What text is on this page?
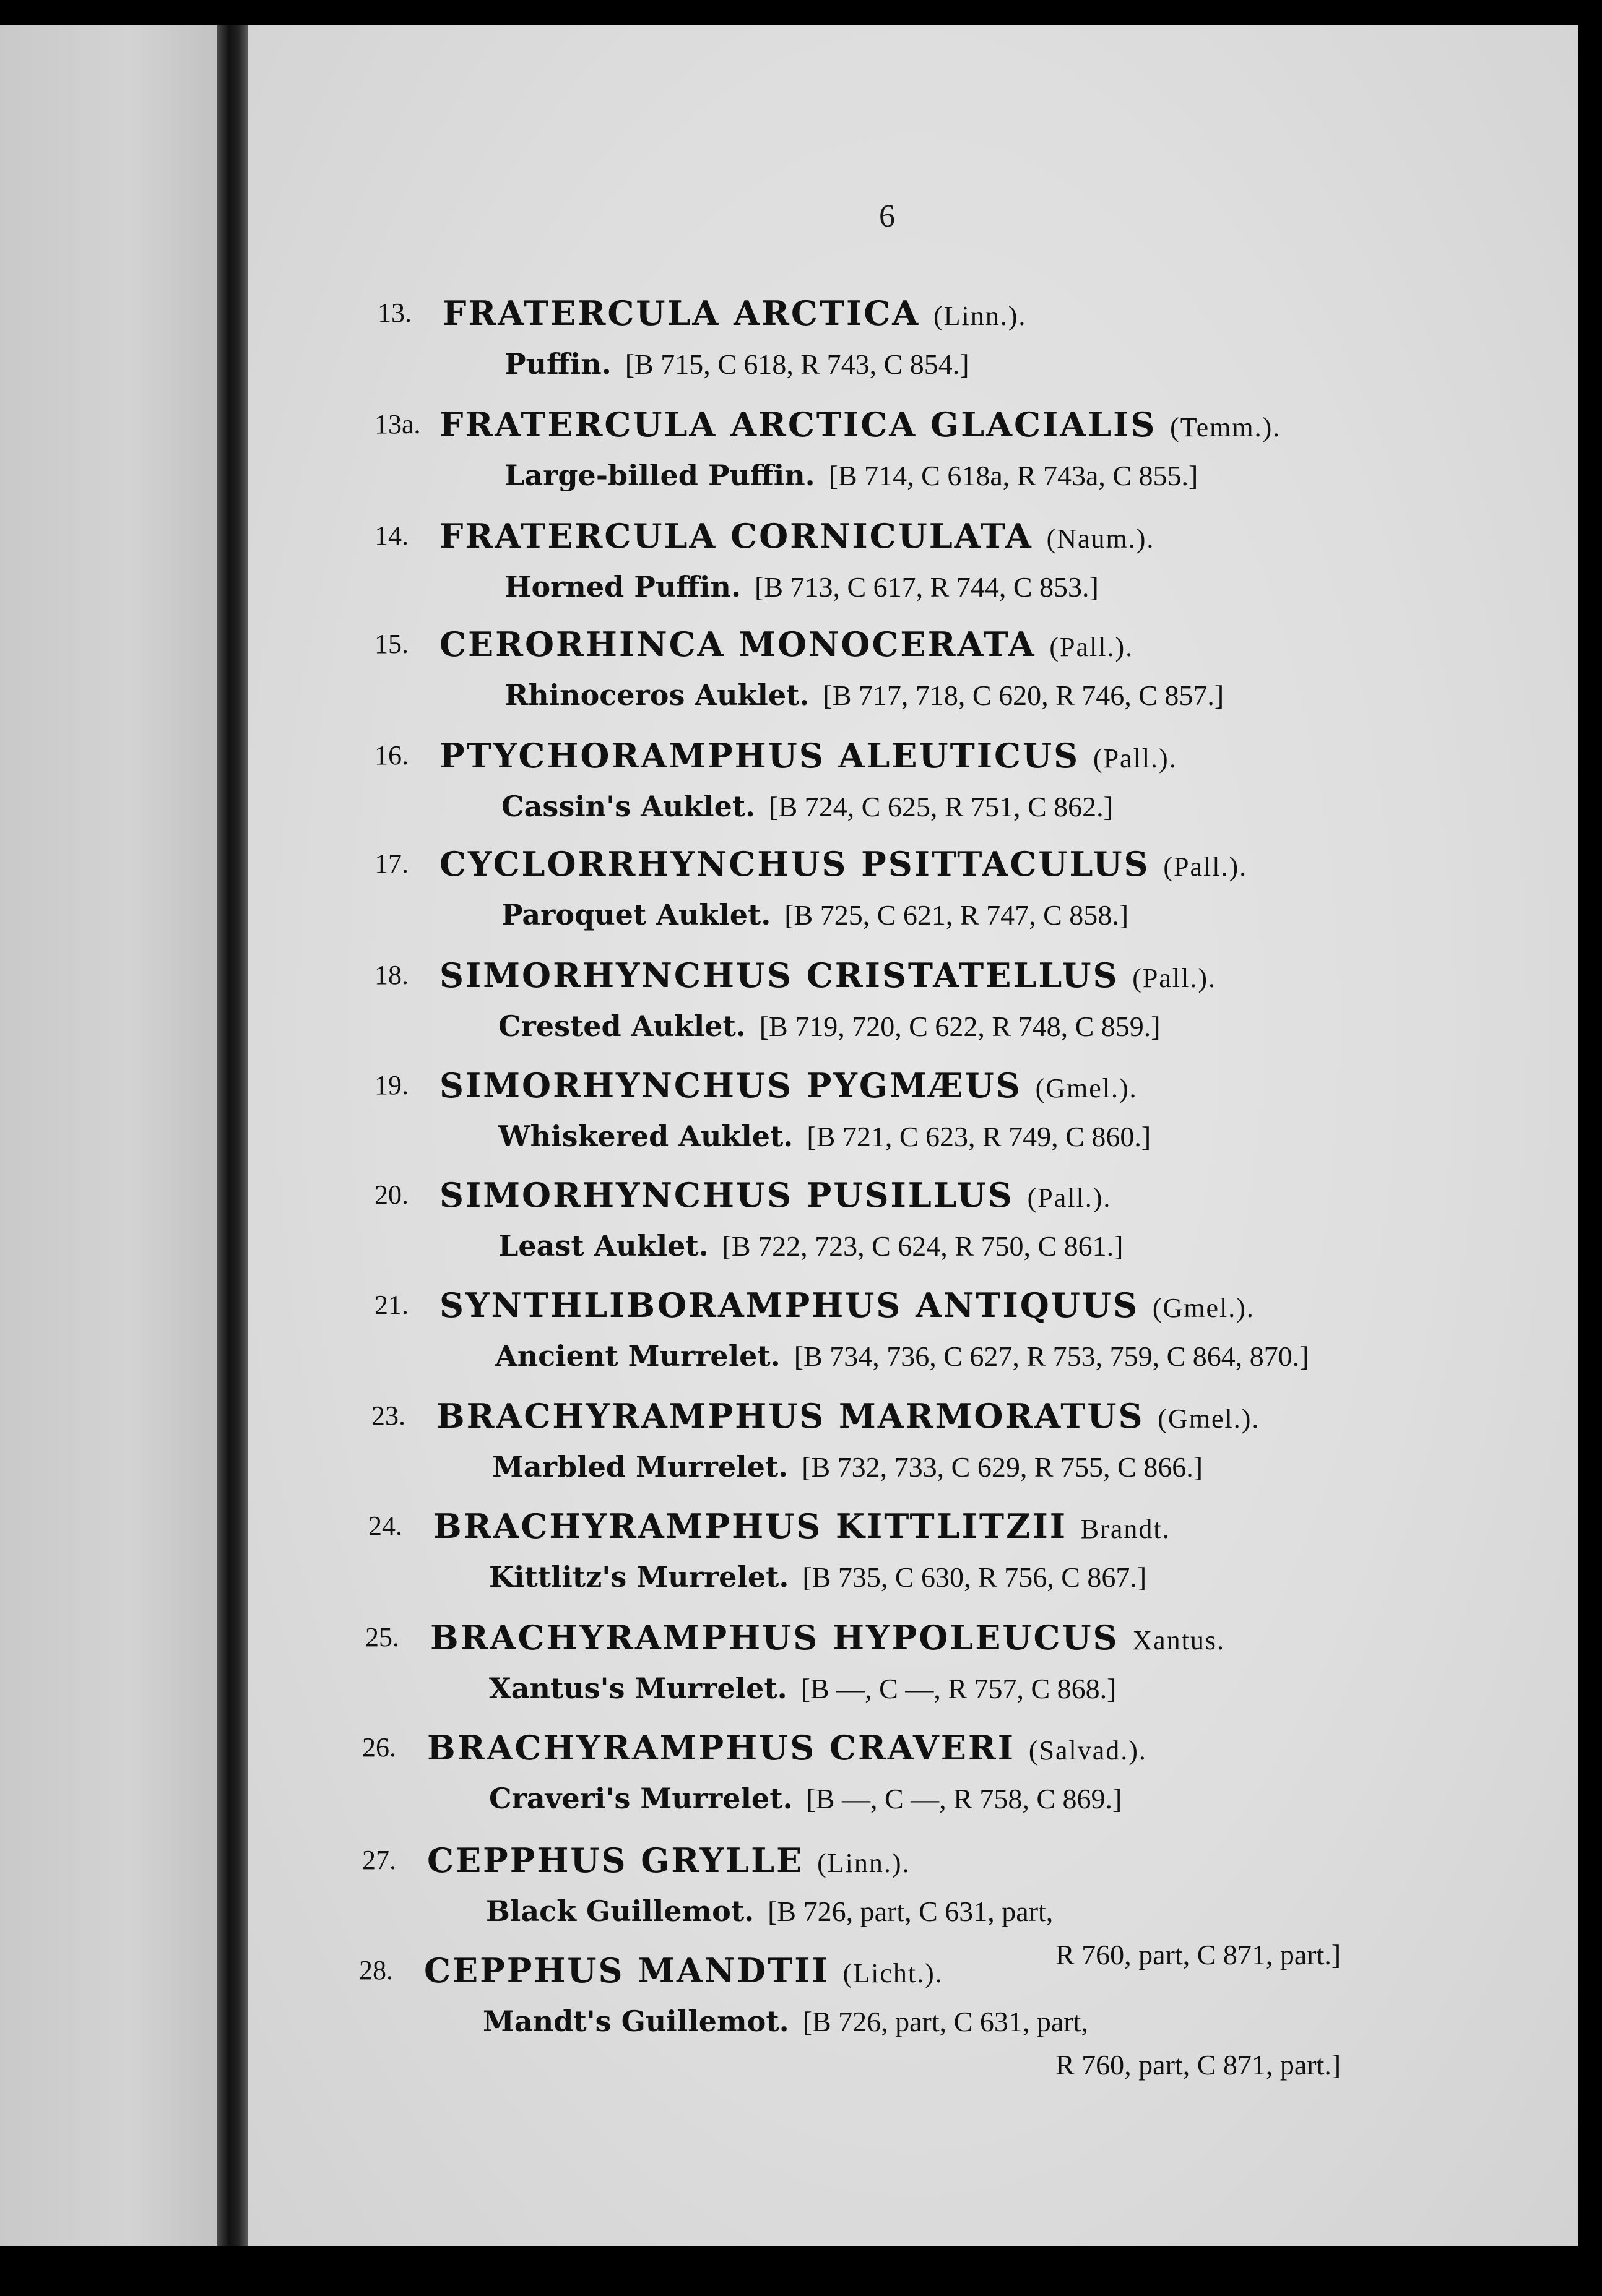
6
13. FRATERCULA ARCTICA (Linn.).
Puffin. [B 715, C 618, R 743, C 854.]
13a. FRATERCULA ARCTICA GLACIALIS (Temm.).
Large-billed Puffin. [B 714, C 618a, R 743a, C 855.]
14. FRATERCULA CORNICULATA (Naum.).
Horned Puffin. [B 713, C 617, R 744, C 853.]
15. CERORHINCA MONOCERATA (Pall.).
Rhinoceros Auklet. [B 717, 718, C 620, R 746, C 857.]
16. PTYCHORAMPHUS ALEUTICUS (Pall.).
Cassin's Auklet. [B 724, C 625, R 751, C 862.]
17. CYCLORRHYNCHUS PSITTACULUS (Pall.).
Paroquet Auklet. [B 725, C 621, R 747, C 858.]
18. SIMORHYNCHUS CRISTATELLUS (Pall.).
Crested Auklet. [B 719, 720, C 622, R 748, C 859.]
19. SIMORHYNCHUS PYGMÆUS (Gmel.).
Whiskered Auklet. [B 721, C 623, R 749, C 860.]
20. SIMORHYNCHUS PUSILLUS (Pall.).
Least Auklet. [B 722, 723, C 624, R 750, C 861.]
21. SYNTHLIBORAMPHUS ANTIQUUS (Gmel.).
Ancient Murrelet. [B 734, 736, C 627, R 753, 759, C 864, 870.]
23. BRACHYRAMPHUS MARMORATUS (Gmel.).
Marbled Murrelet. [B 732, 733, C 629, R 755, C 866.]
24. BRACHYRAMPHUS KITTLITZII Brandt.
Kittlitz's Murrelet. [B 735, C 630, R 756, C 867.]
25. BRACHYRAMPHUS HYPOLEUCUS Xantus.
Xantus's Murrelet. [B —, C —, R 757, C 868.]
26. BRACHYRAMPHUS CRAVERI (Salvad.).
Craveri's Murrelet. [B —, C —, R 758, C 869.]
27. CEPPHUS GRYLLE (Linn.).
Black Guillemot. [B 726, part, C 631, part,
R 760, part, C 871, part.]
28. CEPPHUS MANDTII (Licht.).
Mandt's Guillemot. [B 726, part, C 631, part,
R 760, part, C 871, part.]
